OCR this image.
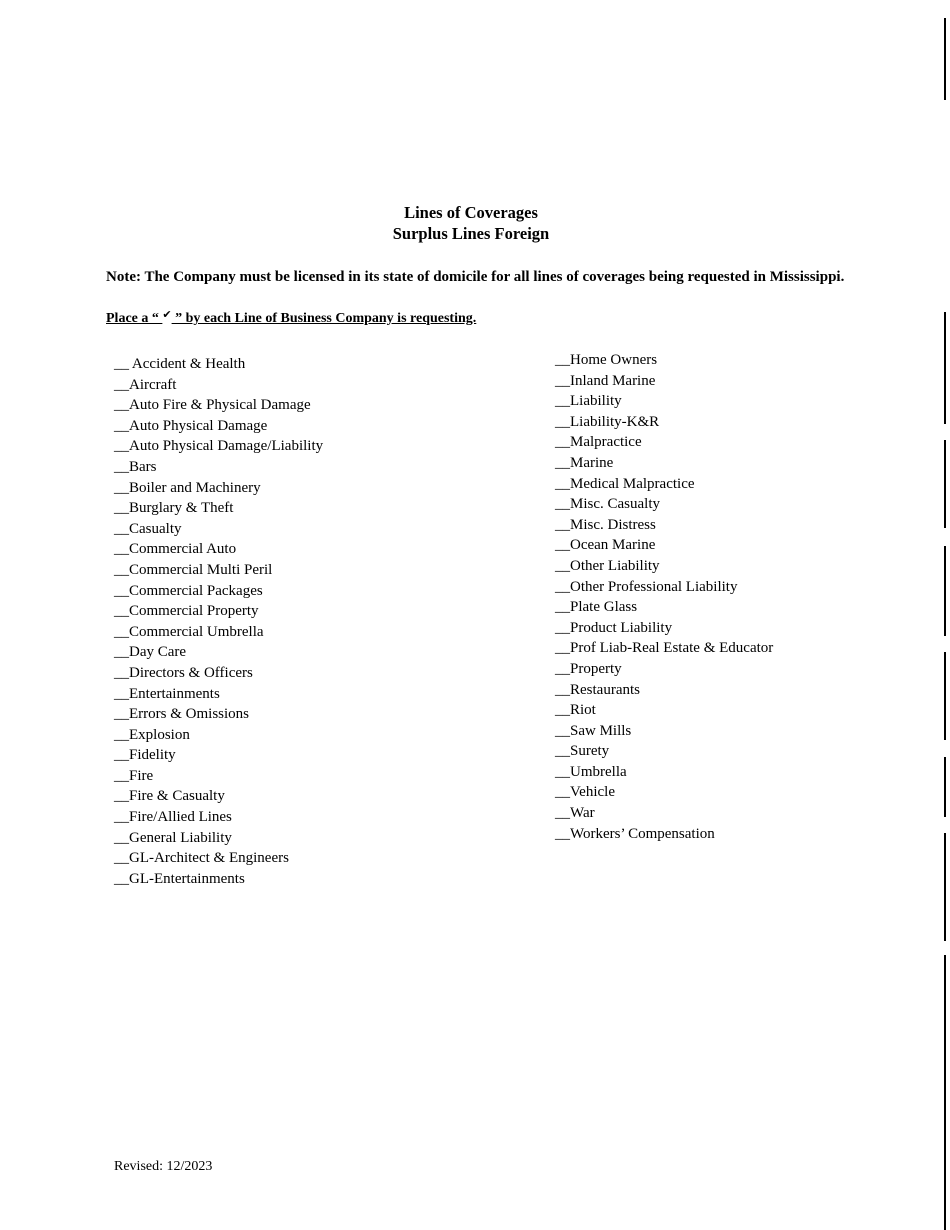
Lines of Coverages
Surplus Lines Foreign
Note: The Company must be licensed in its state of domicile for all lines of coverages being requested in Mississippi.
Place a “ ✔ ” by each Line of Business Company is requesting.
__ Accident & Health
__Aircraft
__Auto Fire & Physical Damage
__Auto Physical Damage
__Auto Physical Damage/Liability
__Bars
__Boiler and Machinery
__Burglary & Theft
__Casualty
__Commercial Auto
__Commercial Multi Peril
__Commercial Packages
__Commercial Property
__Commercial Umbrella
__Day Care
__Directors & Officers
__Entertainments
__Errors & Omissions
__Explosion
__Fidelity
__Fire
__Fire & Casualty
__Fire/Allied Lines
__General Liability
__GL-Architect & Engineers
__GL-Entertainments
__Home Owners
__Inland Marine
__Liability
__Liability-K&R
__Malpractice
__Marine
__Medical Malpractice
__Misc. Casualty
__Misc. Distress
__Ocean Marine
__Other Liability
__Other Professional Liability
__Plate Glass
__Product Liability
__Prof Liab-Real Estate & Educator
__Property
__Restaurants
__Riot
__Saw Mills
__Surety
__Umbrella
__Vehicle
__War
__Workers’ Compensation
Revised: 12/2023
